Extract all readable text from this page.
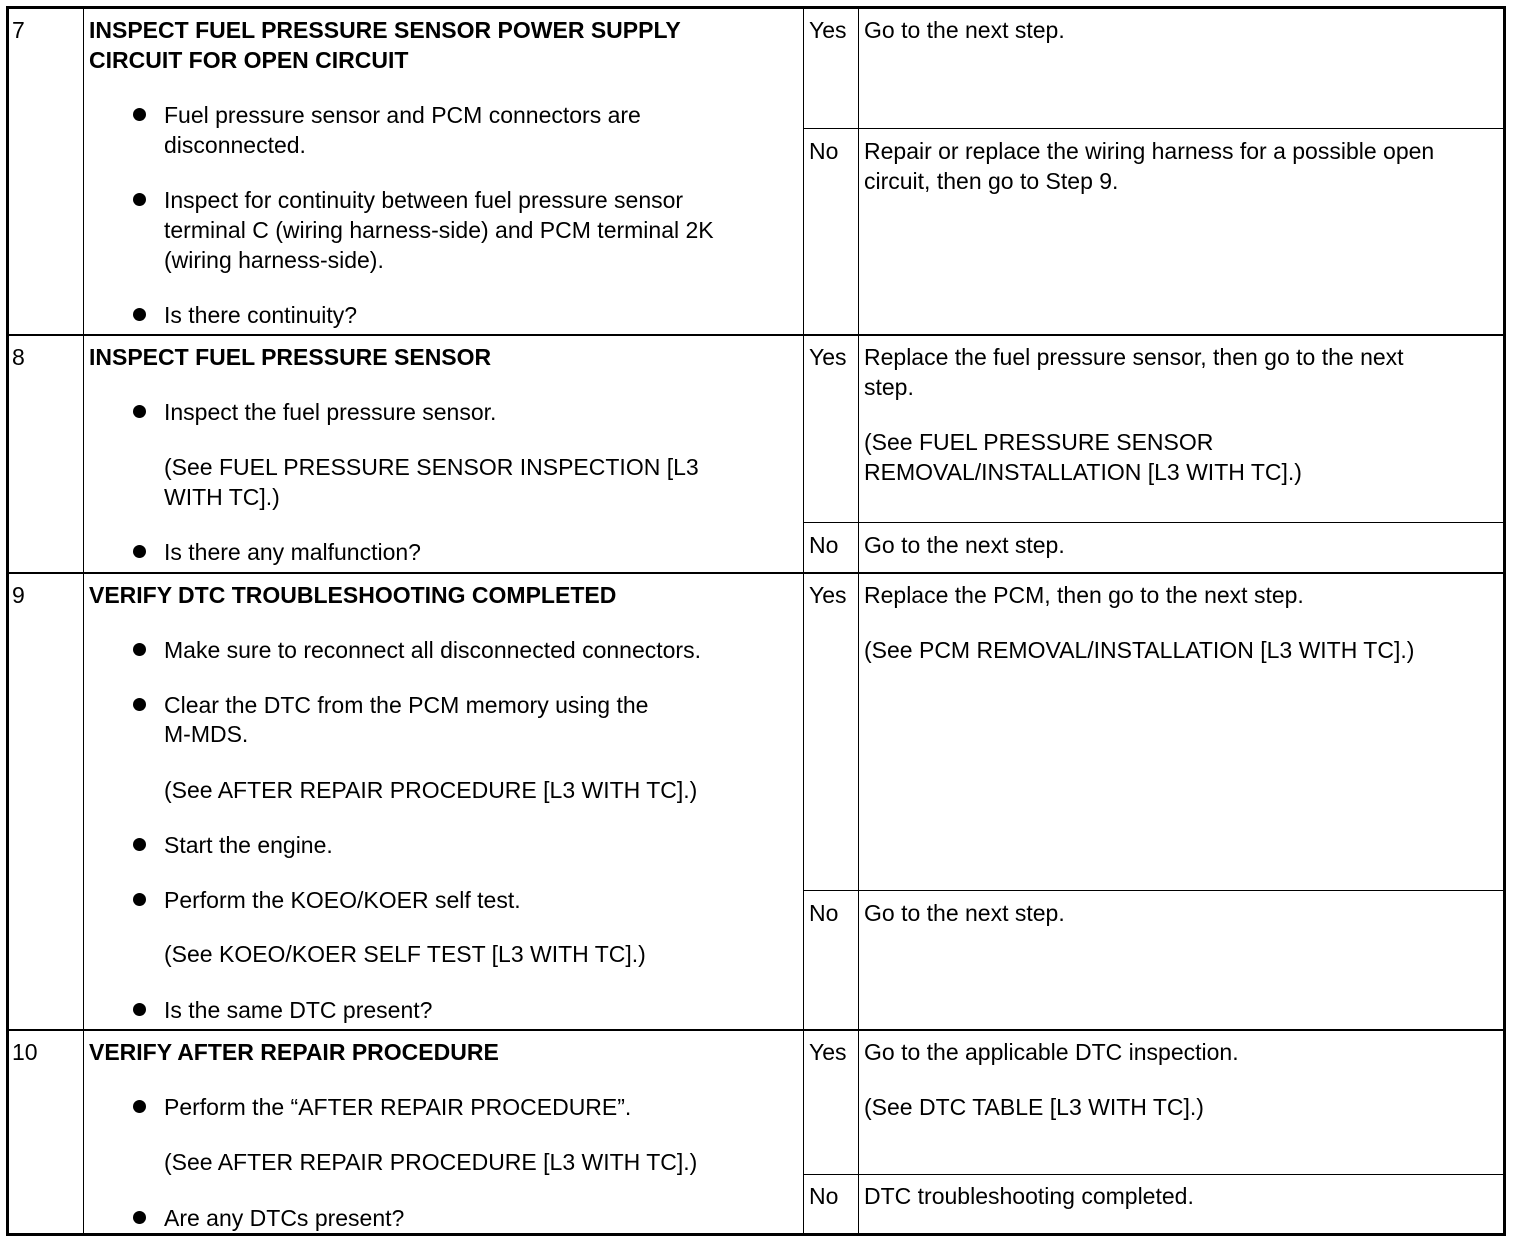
7	INSPECT FUEL PRESSURE SENSOR POWER SUPPLY
CIRCUIT FOR OPEN CIRCUIT
Fuel pressure sensor and PCM connectors are
disconnected.
Inspect for continuity between fuel pressure sensor
terminal C (wiring harness-side) and PCM terminal 2K
(wiring harness-side).
Is there continuity?
Yes Go to the next step.
No Repair or replace the wiring harness for a possible open
circuit, then go to Step 9.
8	INSPECT FUEL PRESSURE SENSOR
Inspect the fuel pressure sensor.
(See FUEL PRESSURE SENSOR INSPECTION [L3
WITH TC].)
Is there any malfunction?
Yes Replace the fuel pressure sensor, then go to the next
step.
(See FUEL PRESSURE SENSOR
REMOVAL/INSTALLATION [L3 WITH TC].)
No Go to the next step.
9	VERIFY DTC TROUBLESHOOTING COMPLETED
Make sure to reconnect all disconnected connectors.
Clear the DTC from the PCM memory using the
M-MDS.
(See AFTER REPAIR PROCEDURE [L3 WITH TC].)
Start the engine.
Perform the KOEO/KOER self test.
(See KOEO/KOER SELF TEST [L3 WITH TC].)
Is the same DTC present?
Yes Replace the PCM, then go to the next step.
(See PCM REMOVAL/INSTALLATION [L3 WITH TC].)
No Go to the next step.
10 VERIFY AFTER REPAIR PROCEDURE
Perform the “AFTER REPAIR PROCEDURE”.
(See AFTER REPAIR PROCEDURE [L3 WITH TC].)
Are any DTCs present?
Yes Go to the applicable DTC inspection.
(See DTC TABLE [L3 WITH TC].)
No DTC troubleshooting completed.
